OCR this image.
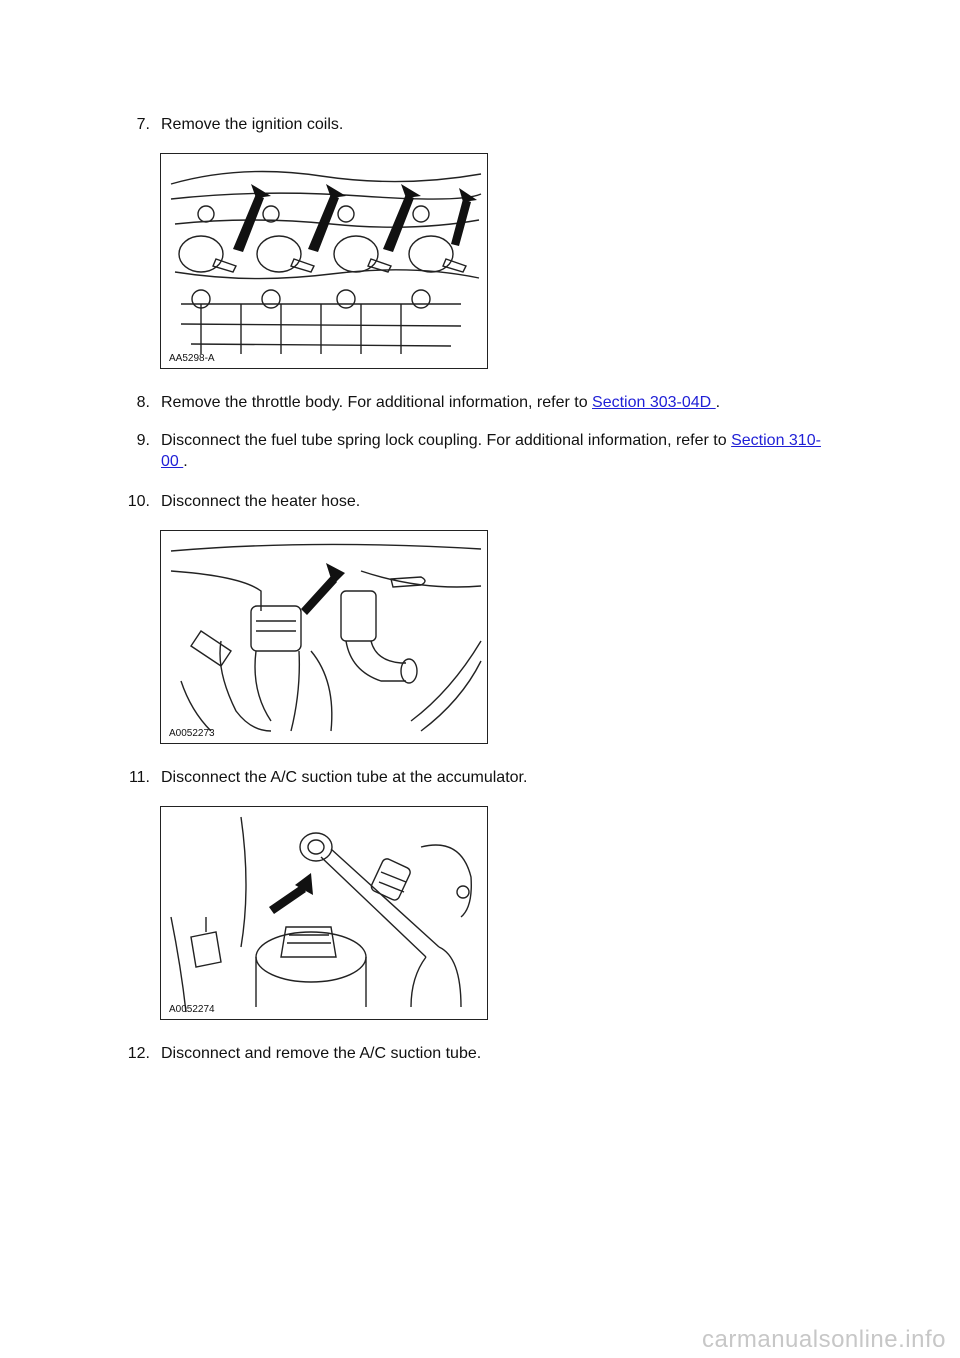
7. Remove the ignition coils.
AA5298-A
8. Remove the throttle body. For additional information, refer to Section 303-04D .
9. Disconnect the fuel tube spring lock coupling. For additional information, refer to Section 310-
00 .
10. Disconnect the heater hose.
A0052273
11. Disconnect the A/C suction tube at the accumulator.
A0052274
12. Disconnect and remove the A/C suction tube.
carmanualsonline.info
